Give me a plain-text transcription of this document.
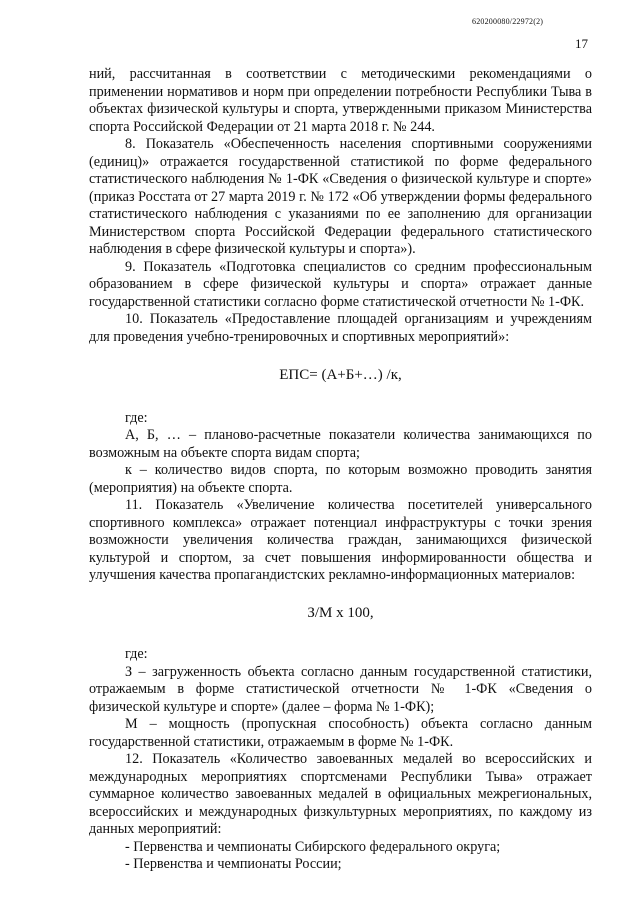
620200080/22972(2)
17

ний, рассчитанная в соответствии с методическими рекомендациями о применении нормативов и норм при определении потребности Республики Тыва в объектах физической культуры и спорта, утвержденными приказом Министерства спорта Российской Федерации от 21 марта 2018 г. № 244.

8. Показатель «Обеспеченность населения спортивными сооружениями (единиц)» отражается государственной статистикой по форме федерального статистического наблюдения № 1-ФК «Сведения о физической культуре и спорте» (приказ Росстата от 27 марта 2019 г. № 172 «Об утверждении формы федерального статистического наблюдения с указаниями по ее заполнению для организации Министерством спорта Российской Федерации федерального статистического наблюдения в сфере физической культуры и спорта»).

9. Показатель «Подготовка специалистов со средним профессиональным образованием в сфере физической культуры и спорта» отражает данные государственной статистики согласно форме статистической отчетности № 1-ФК.

10. Показатель «Предоставление площадей организациям и учреждениям для проведения учебно-тренировочных и спортивных мероприятий»:

ЕПС= (А+Б+…) /к,

где:

А, Б, … – планово-расчетные показатели количества занимающихся по возможным на объекте спорта видам спорта;

к – количество видов спорта, по которым возможно проводить занятия (мероприятия) на объекте спорта.

11. Показатель «Увеличение количества посетителей универсального спортивного комплекса» отражает потенциал инфраструктуры с точки зрения возможности увеличения количества граждан, занимающихся физической культурой и спортом, за счет повышения информированности общества и улучшения качества пропагандистских рекламно-информационных материалов:

З/М x 100,

где:

З – загруженность объекта согласно данным государственной статистики, отражаемым в форме статистической отчетности № 1-ФК «Сведения о физической культуре и спорте» (далее – форма № 1-ФК);

М – мощность (пропускная способность) объекта согласно данным государственной статистики, отражаемым в форме № 1-ФК.

12. Показатель «Количество завоеванных медалей во всероссийских и международных мероприятиях спортсменами Республики Тыва» отражает суммарное количество завоеванных медалей в официальных межрегиональных, всероссийских и международных физкультурных мероприятиях, по каждому из данных мероприятий:

- Первенства и чемпионаты Сибирского федерального округа;

- Первенства и чемпионаты России;
